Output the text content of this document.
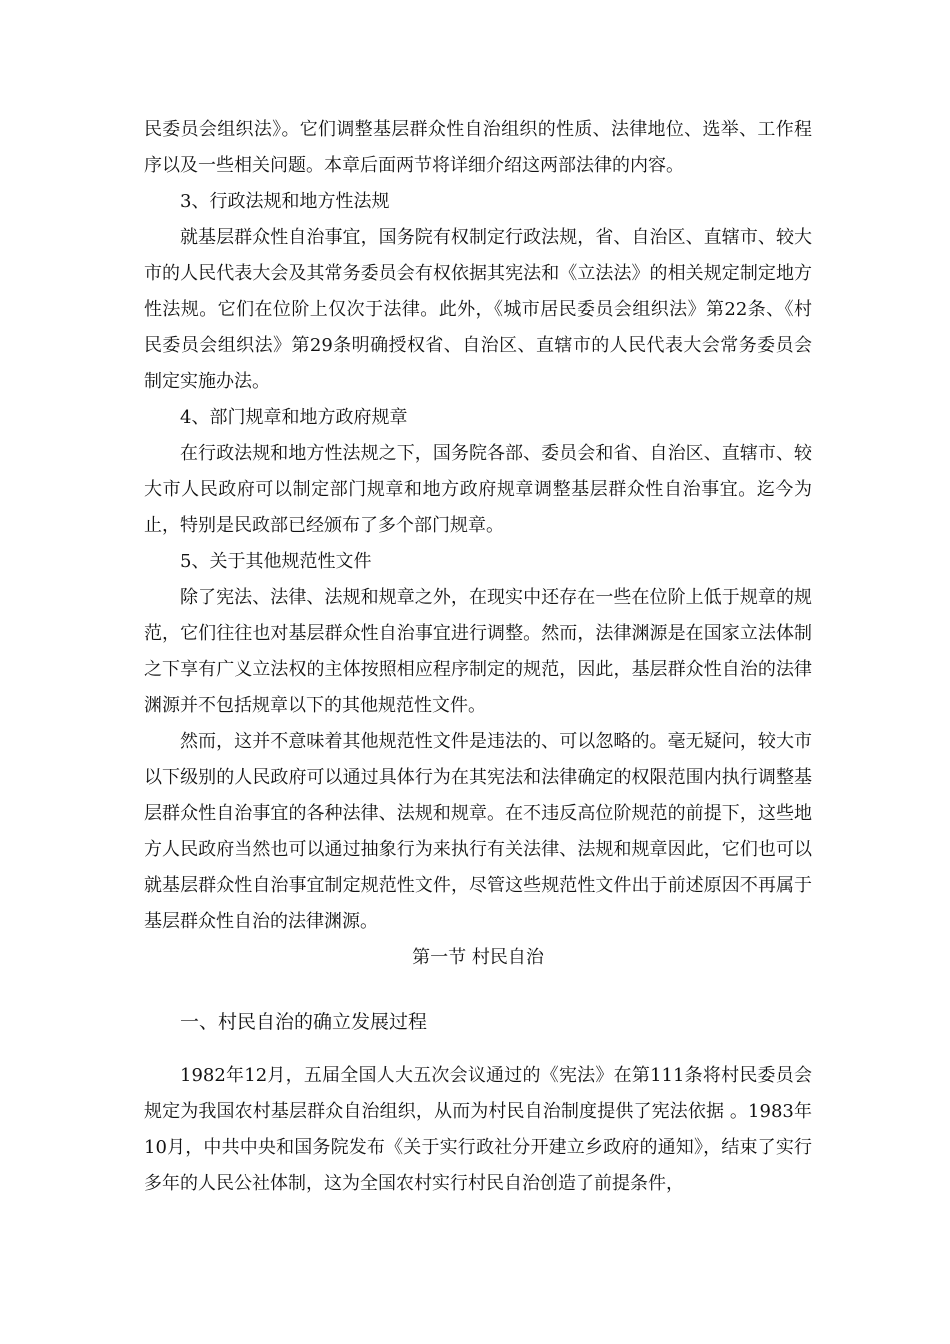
民委员会组织法》。它们调整基层群众性自治组织的性质、法律地位、选举、工作程序以及一些相关问题。本章后面两节将详细介绍这两部法律的内容。

3、行政法规和地方性法规

就基层群众性自治事宜，国务院有权制定行政法规，省、自治区、直辖市、较大市的人民代表大会及其常务委员会有权依据其宪法和《立法法》的相关规定制定地方性法规。它们在位阶上仅次于法律。此外，《城市居民委员会组织法》第22条、《村民委员会组织法》第29条明确授权省、自治区、直辖市的人民代表大会常务委员会制定实施办法。

4、部门规章和地方政府规章

在行政法规和地方性法规之下，国务院各部、委员会和省、自治区、直辖市、较大市人民政府可以制定部门规章和地方政府规章调整基层群众性自治事宜。迄今为止，特别是民政部已经颁布了多个部门规章。

5、关于其他规范性文件

除了宪法、法律、法规和规章之外，在现实中还存在一些在位阶上低于规章的规范，它们往往也对基层群众性自治事宜进行调整。然而，法律渊源是在国家立法体制之下享有广义立法权的主体按照相应程序制定的规范，因此，基层群众性自治的法律渊源并不包括规章以下的其他规范性文件。

然而，这并不意味着其他规范性文件是违法的、可以忽略的。毫无疑问，较大市以下级别的人民政府可以通过具体行为在其宪法和法律确定的权限范围内执行调整基层群众性自治事宜的各种法律、法规和规章。在不违反高位阶规范的前提下，这些地方人民政府当然也可以通过抽象行为来执行有关法律、法规和规章因此，它们也可以就基层群众性自治事宜制定规范性文件，尽管这些规范性文件出于前述原因不再属于基层群众性自治的法律渊源。

第一节 村民自治

一、村民自治的确立发展过程

1982年12月，五届全国人大五次会议通过的《宪法》在第111条将村民委员会规定为我国农村基层群众自治组织，从而为村民自治制度提供了宪法依据 。1983年10月，中共中央和国务院发布《关于实行政社分开建立乡政府的通知》，结束了实行多年的人民公社体制，这为全国农村实行村民自治创造了前提条件，
